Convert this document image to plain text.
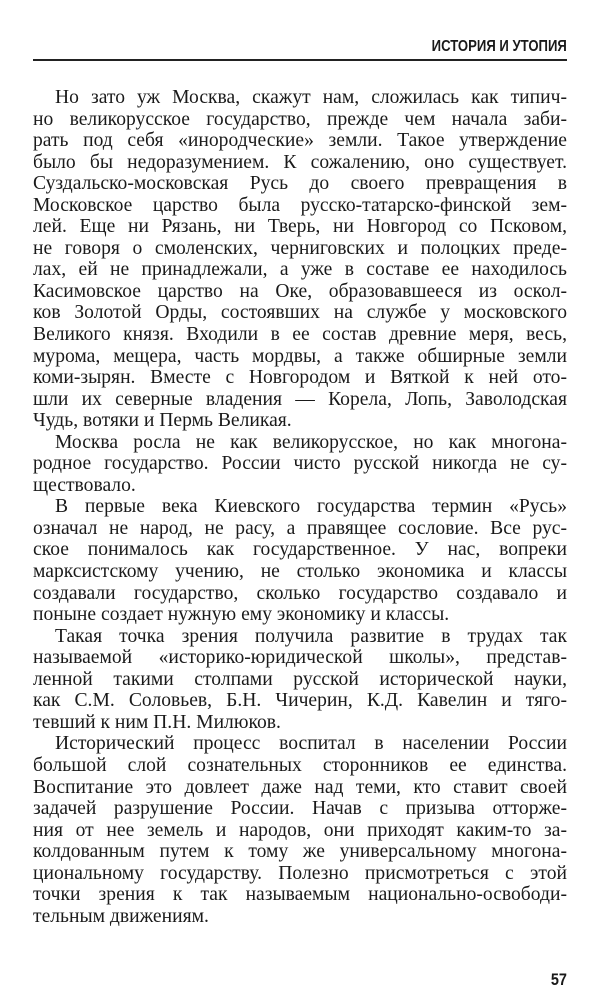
ИСТОРИЯ И УТОПИЯ
Но зато уж Москва, скажут нам, сложилась как типич-
но великорусское государство, прежде чем начала заби-
рать под себя «инородческие» земли. Такое утверждение
было бы недоразумением. К сожалению, оно существует.
Суздальско-московская Русь до своего превращения в
Московское царство была русско-татарско-финской зем-
лей. Еще ни Рязань, ни Тверь, ни Новгород со Псковом,
не говоря о смоленских, черниговских и полоцких преде-
лах, ей не принадлежали, а уже в составе ее находилось
Касимовское царство на Оке, образовавшееся из оскол-
ков Золотой Орды, состоявших на службе у московского
Великого князя. Входили в ее состав древние меря, весь,
мурома, мещера, часть мордвы, а также обширные земли
коми-зырян. Вместе с Новгородом и Вяткой к ней ото-
шли их северные владения — Корела, Лопь, Заволодская
Чудь, вотяки и Пермь Великая.
Москва росла не как великорусское, но как многона-
родное государство. России чисто русской никогда не су-
ществовало.
В первые века Киевского государства термин «Русь»
означал не народ, не расу, а правящее сословие. Все рус-
ское понималось как государственное. У нас, вопреки
марксистскому учению, не столько экономика и классы
создавали государство, сколько государство создавало и
поныне создает нужную ему экономику и классы.
Такая точка зрения получила развитие в трудах так
называемой «историко-юридической школы», представ-
ленной такими столпами русской исторической науки,
как С.М. Соловьев, Б.Н. Чичерин, К.Д. Кавелин и тяго-
тевший к ним П.Н. Милюков.
Исторический процесс воспитал в населении России
большой слой сознательных сторонников ее единства.
Воспитание это довлеет даже над теми, кто ставит своей
задачей разрушение России. Начав с призыва отторже-
ния от нее земель и народов, они приходят каким-то за-
колдованным путем к тому же универсальному многона-
циональному государству. Полезно присмотреться с этой
точки зрения к так называемым национально-освободи-
тельным движениям.
57
